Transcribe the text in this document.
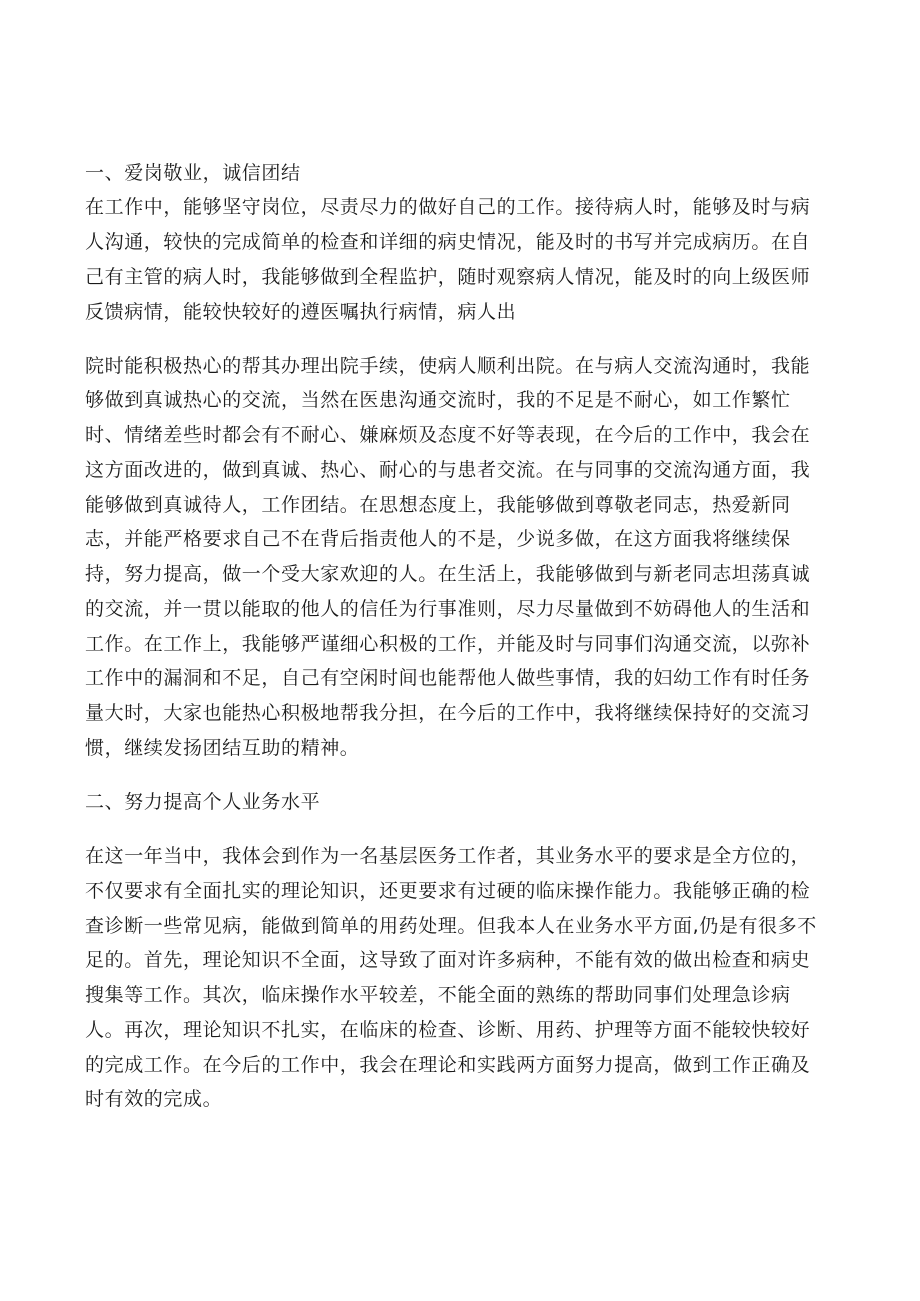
一、爱岗敬业，诚信团结
在工作中，能够坚守岗位，尽责尽力的做好自己的工作。接待病人时，能够及时与病
人沟通，较快的完成简单的检查和详细的病史情况，能及时的书写并完成病历。在自
己有主管的病人时，我能够做到全程监护，随时观察病人情况，能及时的向上级医师
反馈病情，能较快较好的遵医嘱执行病情，病人出
院时能积极热心的帮其办理出院手续，使病人顺利出院。在与病人交流沟通时，我能
够做到真诚热心的交流，当然在医患沟通交流时，我的不足是不耐心，如工作繁忙
时、情绪差些时都会有不耐心、嫌麻烦及态度不好等表现，在今后的工作中，我会在
这方面改进的，做到真诚、热心、耐心的与患者交流。在与同事的交流沟通方面，我
能够做到真诚待人，工作团结。在思想态度上，我能够做到尊敬老同志，热爱新同
志，并能严格要求自己不在背后指责他人的不是，少说多做，在这方面我将继续保
持，努力提高，做一个受大家欢迎的人。在生活上，我能够做到与新老同志坦荡真诚
的交流，并一贯以能取的他人的信任为行事准则，尽力尽量做到不妨碍他人的生活和
工作。在工作上，我能够严谨细心积极的工作，并能及时与同事们沟通交流，以弥补
工作中的漏洞和不足，自己有空闲时间也能帮他人做些事情，我的妇幼工作有时任务
量大时，大家也能热心积极地帮我分担，在今后的工作中，我将继续保持好的交流习
惯，继续发扬团结互助的精神。
二、努力提高个人业务水平
在这一年当中，我体会到作为一名基层医务工作者，其业务水平的要求是全方位的，
不仅要求有全面扎实的理论知识，还更要求有过硬的临床操作能力。我能够正确的检
查诊断一些常见病，能做到简单的用药处理。但我本人在业务水平方面,仍是有很多不
足的。首先，理论知识不全面，这导致了面对许多病种，不能有效的做出检查和病史
搜集等工作。其次，临床操作水平较差，不能全面的熟练的帮助同事们处理急诊病
人。再次，理论知识不扎实，在临床的检查、诊断、用药、护理等方面不能较快较好
的完成工作。在今后的工作中，我会在理论和实践两方面努力提高，做到工作正确及
时有效的完成。
